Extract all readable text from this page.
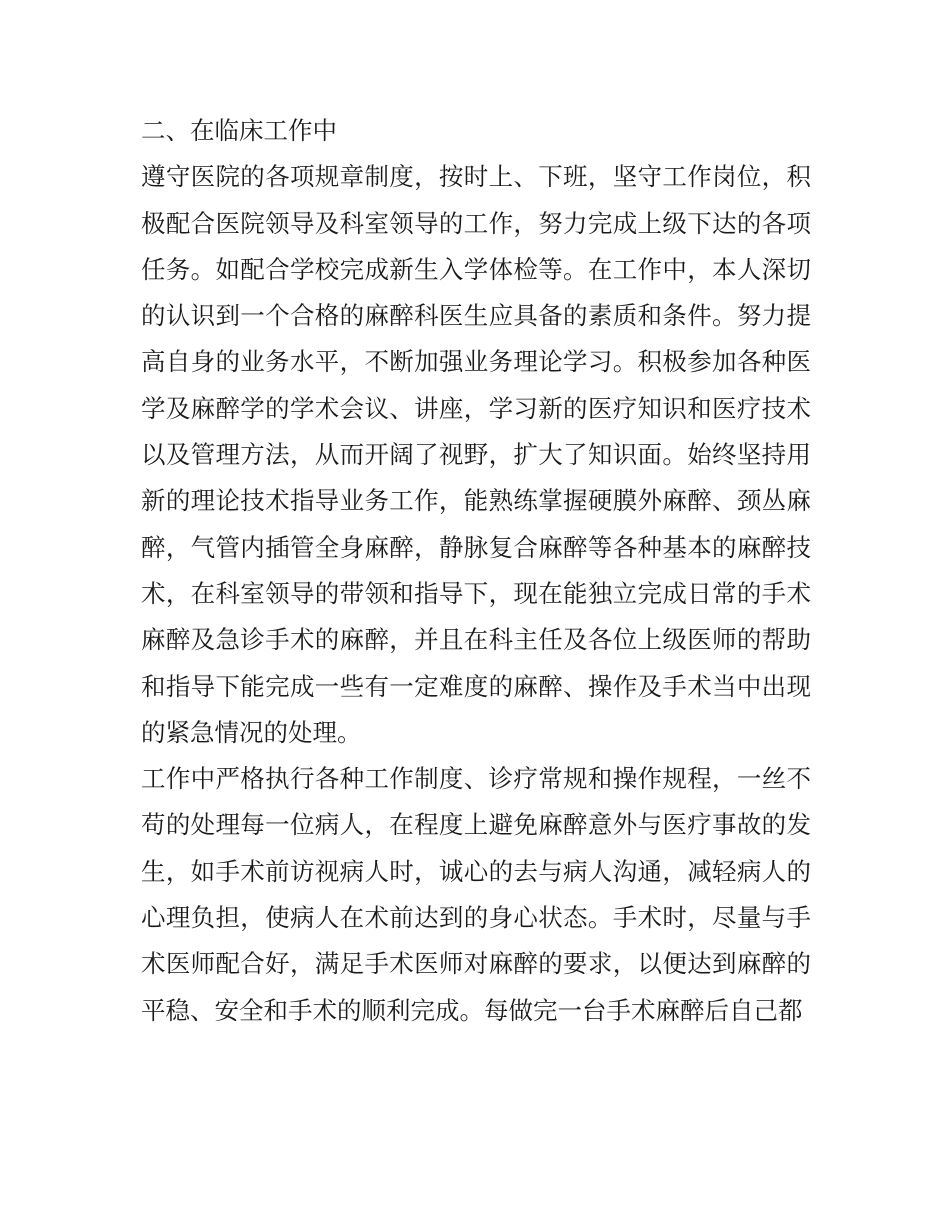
二、在临床工作中

遵守医院的各项规章制度，按时上、下班，坚守工作岗位，积极配合医院领导及科室领导的工作，努力完成上级下达的各项任务。如配合学校完成新生入学体检等。在工作中，本人深切的认识到一个合格的麻醉科医生应具备的素质和条件。努力提高自身的业务水平，不断加强业务理论学习。积极参加各种医学及麻醉学的学术会议、讲座，学习新的医疗知识和医疗技术以及管理方法，从而开阔了视野，扩大了知识面。始终坚持用新的理论技术指导业务工作，能熟练掌握硬膜外麻醉、颈丛麻醉，气管内插管全身麻醉，静脉复合麻醉等各种基本的麻醉技术，在科室领导的带领和指导下，现在能独立完成日常的手术麻醉及急诊手术的麻醉，并且在科主任及各位上级医师的帮助和指导下能完成一些有一定难度的麻醉、操作及手术当中出现的紧急情况的处理。

工作中严格执行各种工作制度、诊疗常规和操作规程，一丝不苟的处理每一位病人，在程度上避免麻醉意外与医疗事故的发生，如手术前访视病人时，诚心的去与病人沟通，减轻病人的心理负担，使病人在术前达到的身心状态。手术时，尽量与手术医师配合好，满足手术医师对麻醉的要求，以便达到麻醉的平稳、安全和手术的顺利完成。每做完一台手术麻醉后自己都
